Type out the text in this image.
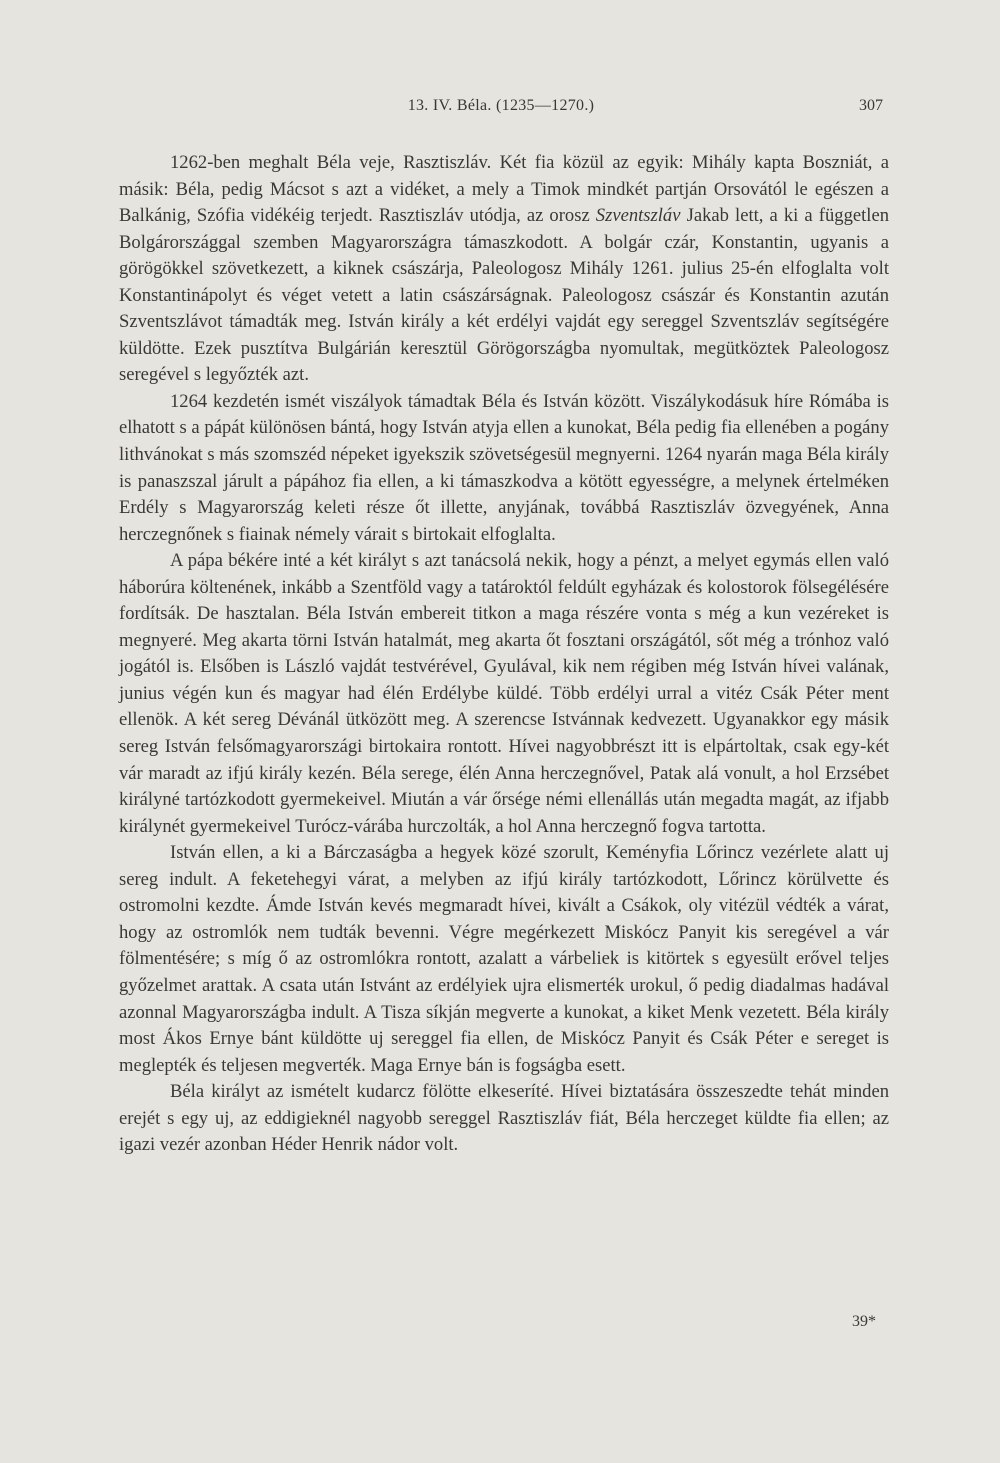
13. IV. Béla. (1235—1270.)	307

1262-ben meghalt Béla veje, Rasztiszláv. Két fia közül az egyik: Mihály kapta Boszniát, a másik: Béla, pedig Mácsot s azt a vidéket, a mely a Timok mindkét partján Orsovától le egészen a Balkánig, Szófia vidékéig terjedt. Rasztiszláv utódja, az orosz Szventszláv Jakab lett, a ki a független Bolgárországgal szemben Magyarországra támaszkodott. A bolgár czár, Konstantin, ugyanis a görögökkel szövetkezett, a kiknek császárja, Paleologosz Mihály 1261. julius 25-én elfoglalta volt Konstantinápolyt és véget vetett a latin császárságnak. Paleologosz császár és Konstantin azután Szventszlávot támadták meg. István király a két erdélyi vajdát egy sereggel Szventszláv segítségére küldötte. Ezek pusztítva Bulgárián keresztül Görögországba nyomultak, megütköztek Paleologosz seregével s legyőzték azt.

1264 kezdetén ismét viszályok támadtak Béla és István között. Viszálykodásuk híre Rómába is elhatott s a pápát különösen bántá, hogy István atyja ellen a kunokat, Béla pedig fia ellenében a pogány lithvánokat s más szomszéd népeket igyekszik szövetségesül megnyerni. 1264 nyarán maga Béla király is panaszszal járult a pápához fia ellen, a ki támaszkodva a kötött egyességre, a melynek értelméken Erdély s Magyarország keleti része őt illette, anyjának, továbbá Rasztiszláv özvegyének, Anna herczegnőnek s fiainak némely várait s birtokait elfoglalta.

A pápa békére inté a két királyt s azt tanácsolá nekik, hogy a pénzt, a melyet egymás ellen való háborúra költenének, inkább a Szentföld vagy a tatároktól feldúlt egyházak és kolostorok fölsegélésére fordítsák. De hasztalan. Béla István embereit titkon a maga részére vonta s még a kun vezéreket is megnyeré. Meg akarta törni István hatalmát, meg akarta őt fosztani országától, sőt még a trónhoz való jogától is. Elsőben is László vajdát testvérével, Gyulával, kik nem régiben még István hívei valának, junius végén kun és magyar had élén Erdélybe küldé. Több erdélyi urral a vitéz Csák Péter ment ellenök. A két sereg Dévánál ütközött meg. A szerencse Istvánnak kedvezett. Ugyanakkor egy másik sereg István felsőmagyarországi birtokaira rontott. Hívei nagyobbrészt itt is elpártoltak, csak egy-két vár maradt az ifjú király kezén. Béla serege, élén Anna herczegnővel, Patak alá vonult, a hol Erzsébet királyné tartózkodott gyermekeivel. Miután a vár őrsége némi ellenállás után megadta magát, az ifjabb királynét gyermekeivel Turócz-várába hurczolták, a hol Anna herczegnő fogva tartotta.

István ellen, a ki a Bárczaságba a hegyek közé szorult, Keményfia Lőrincz vezérlete alatt uj sereg indult. A feketehegyi várat, a melyben az ifjú király tartózkodott, Lőrincz körülvette és ostromolni kezdte. Ámde István kevés megmaradt hívei, kivált a Csákok, oly vitézül védték a várat, hogy az ostromlók nem tudták bevenni. Végre megérkezett Miskócz Panyit kis seregével a vár fölmentésére; s míg ő az ostromlókra rontott, azalatt a várbeliek is kitörtek s egyesült erővel teljes győzelmet arattak. A csata után Istvánt az erdélyiek ujra elismerték urokul, ő pedig diadalmas hadával azonnal Magyarországba indult. A Tisza síkján megverte a kunokat, a kiket Menk vezetett. Béla király most Ákos Ernye bánt küldötte uj sereggel fia ellen, de Miskócz Panyit és Csák Péter e sereget is meglepték és teljesen megverték. Maga Ernye bán is fogságba esett.

Béla királyt az ismételt kudarcz fölötte elkeseríté. Hívei biztatására összeszedte tehát minden erejét s egy uj, az eddigieknél nagyobb sereggel Rasztiszláv fiát, Béla herczeget küldte fia ellen; az igazi vezér azonban Héder Henrik nádor volt.

39*
